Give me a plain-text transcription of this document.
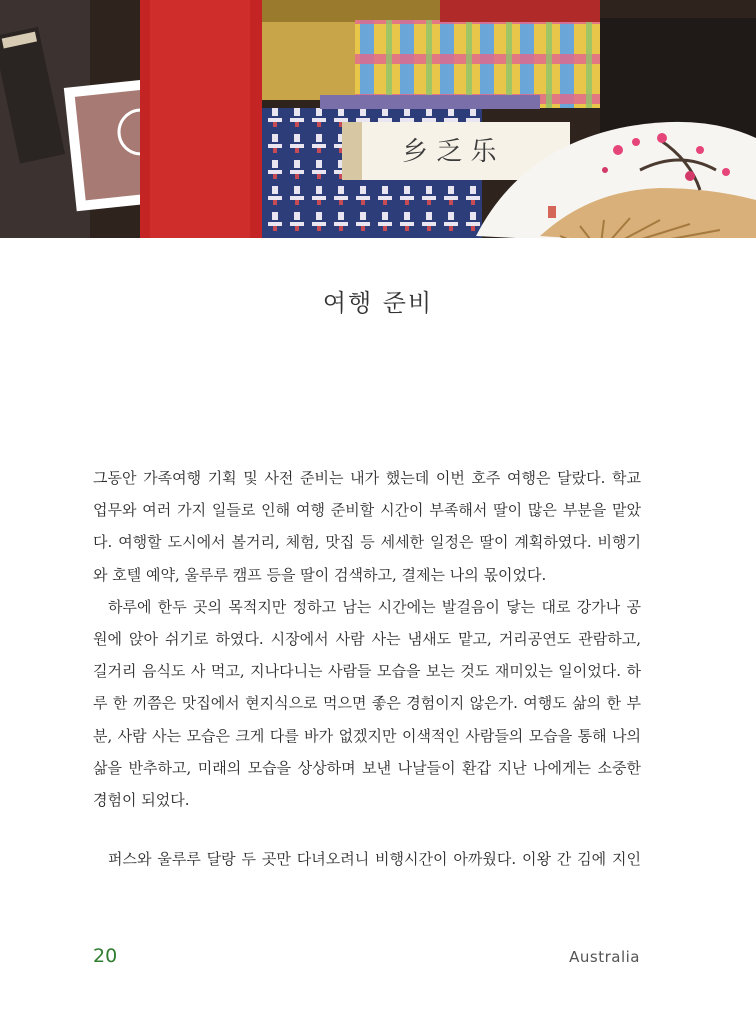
乡 乏 乐
여행 준비

그동안 가족여행 기획 및 사전 준비는 내가 했는데 이번 호주 여행은 달랐다. 학교
업무와 여러 가지 일들로 인해 여행 준비할 시간이 부족해서 딸이 많은 부분을 맡았
다. 여행할 도시에서 볼거리, 체험, 맛집 등 세세한 일정은 딸이 계획하였다. 비행기
와 호텔 예약, 울루루 캠프 등을 딸이 검색하고, 결제는 나의 몫이었다.

하루에 한두 곳의 목적지만 정하고 남는 시간에는 발걸음이 닿는 대로 강가나 공
원에 앉아 쉬기로 하였다. 시장에서 사람 사는 냄새도 맡고, 거리공연도 관람하고,
길거리 음식도 사 먹고, 지나다니는 사람들 모습을 보는 것도 재미있는 일이었다. 하
루 한 끼쯤은 맛집에서 현지식으로 먹으면 좋은 경험이지 않은가. 여행도 삶의 한 부
분, 사람 사는 모습은 크게 다를 바가 없겠지만 이색적인 사람들의 모습을 통해 나의
삶을 반추하고, 미래의 모습을 상상하며 보낸 나날들이 환갑 지난 나에게는 소중한
경험이 되었다.

퍼스와 울루루 달랑 두 곳만 다녀오려니 비행시간이 아까웠다. 이왕 간 김에 지인

20	Australia
